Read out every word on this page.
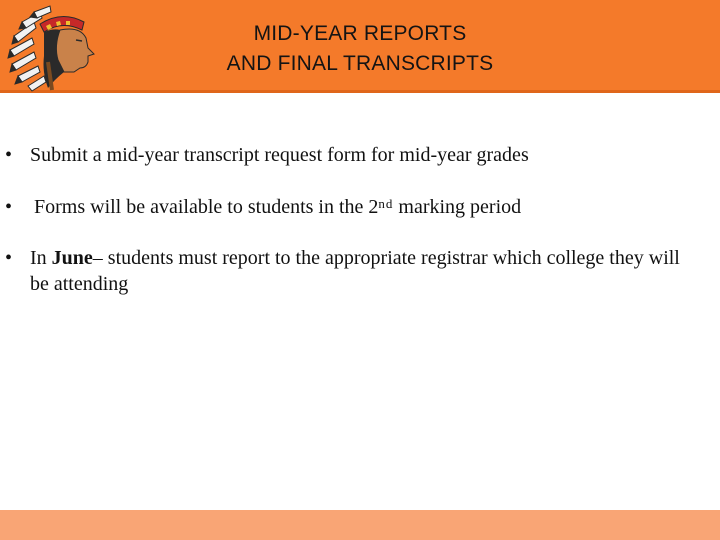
MID-YEAR REPORTS
AND FINAL TRANSCRIPTS
• Submit a mid-year transcript request form for mid-year grades
•	Forms will be available to students in the 2nd marking period
• In June– students must report to the appropriate registrar which college they will be attending
